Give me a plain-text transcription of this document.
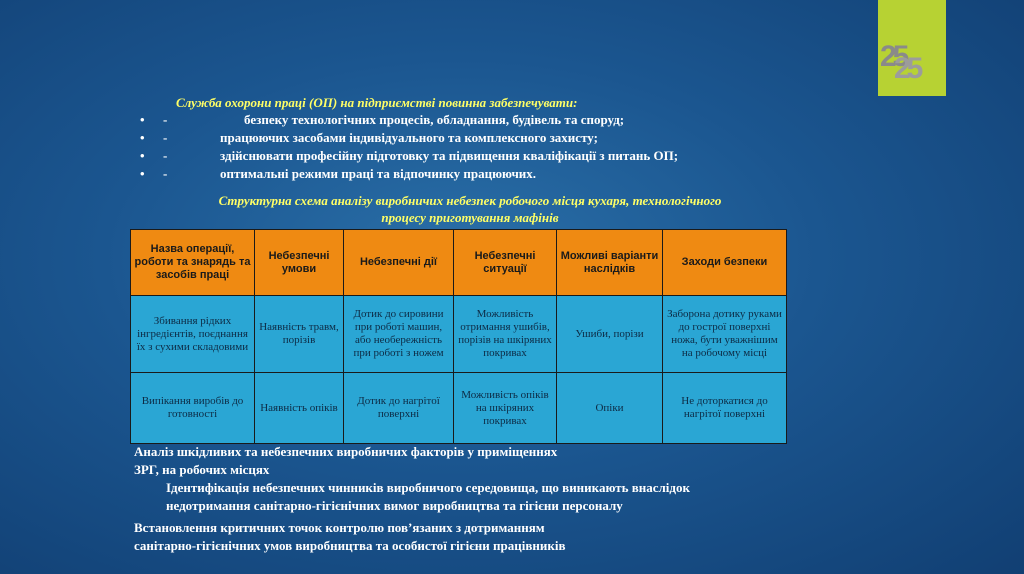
25
25
Служба охорони праці (ОП) на підприємстві повинна забезпечувати:
• -	безпеку технологічних процесів, обладнання, будівель та споруд;
• -	працюючих засобами індивідуального та комплексного захисту;
• -	здійснювати професійну підготовку та підвищення кваліфікації з питань ОП;
• -	оптимальні режими праці та відпочинку працюючих.
Структурна схема аналізу виробничих небезпек робочого місця кухаря, технологічного
процесу приготування мафінів
Назва операції, роботи та знарядь та засобів праці	Небезпечні умови	Небезпечні дії	Небезпечні ситуації	Можливі варіанти наслідків	Заходи безпеки
Збивання рідких інгредієнтів, поєднання їх з сухими складовими	Наявність травм, порізів	Дотик до сировини при роботі машин, або необережність при роботі з ножем	Можливість отримання ушибів, порізів на шкіряних покривах	Ушиби, порізи	Заборона дотику руками до гострої поверхні ножа, бути уважнішим на робочому місці
Випікання виробів до готовності	Наявність опіків	Дотик до нагрітої поверхні	Можливість опіків на шкіряних покривах	Опіки	Не доторкатися до нагрітої поверхні
Аналіз шкідливих та небезпечних виробничих факторів у приміщеннях
ЗРГ, на робочих місцях
Ідентифікація небезпечних чинників виробничого середовища, що виникають внаслідок
недотримання санітарно-гігієнічних вимог виробництва та гігієни персоналу
Встановлення критичних точок контролю пов’язаних з дотриманням
санітарно-гігієнічних умов виробництва та особистої гігієни працівників
